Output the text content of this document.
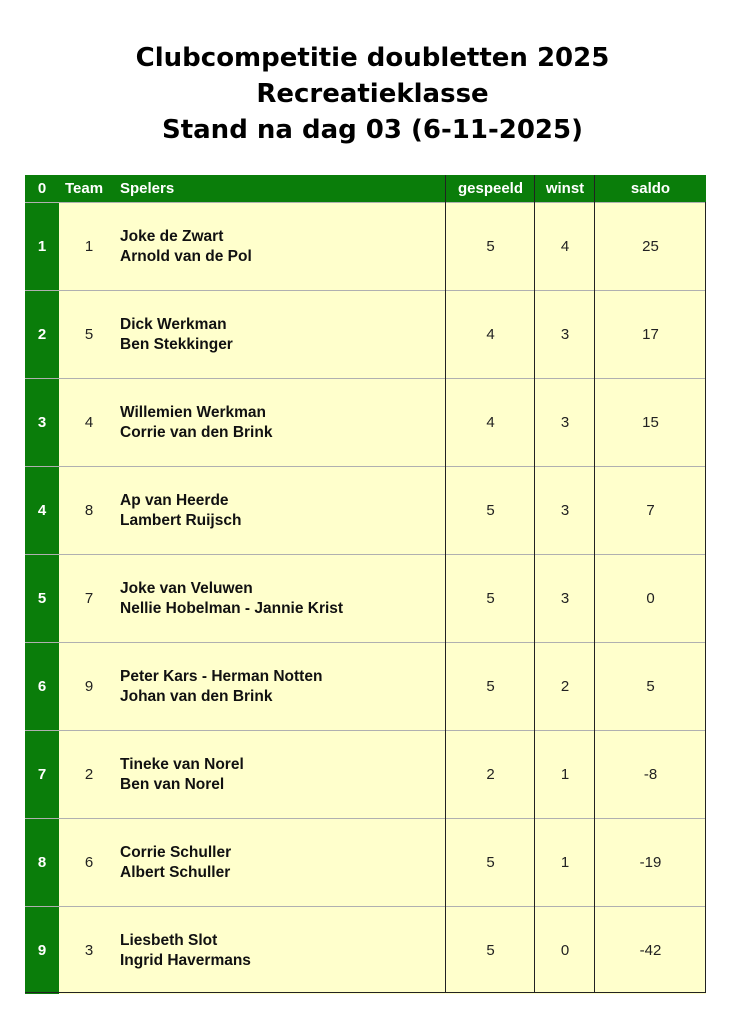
Clubcompetitie doubletten 2025
Recreatieklasse
Stand na dag 03 (6-11-2025)
0	Team	Spelers	gespeeld	winst	saldo
1	1
Joke de Zwart
Arnold van de Pol
5	4	25
2	5
Dick Werkman
Ben Stekkinger
4	3	17
3	4
Willemien Werkman
Corrie van den Brink
4	3	15
4	8
Ap van Heerde
Lambert Ruijsch
5	3	7
5	7
Joke van Veluwen
Nellie Hobelman - Jannie Krist
5	3	0
6	9
Peter Kars - Herman Notten
Johan van den Brink
5	2	5
7	2
Tineke van Norel
Ben van Norel
2	1	-8
8	6
Corrie Schuller
Albert Schuller
5	1	-19
9	3
Liesbeth Slot
Ingrid Havermans
5	0	-42
